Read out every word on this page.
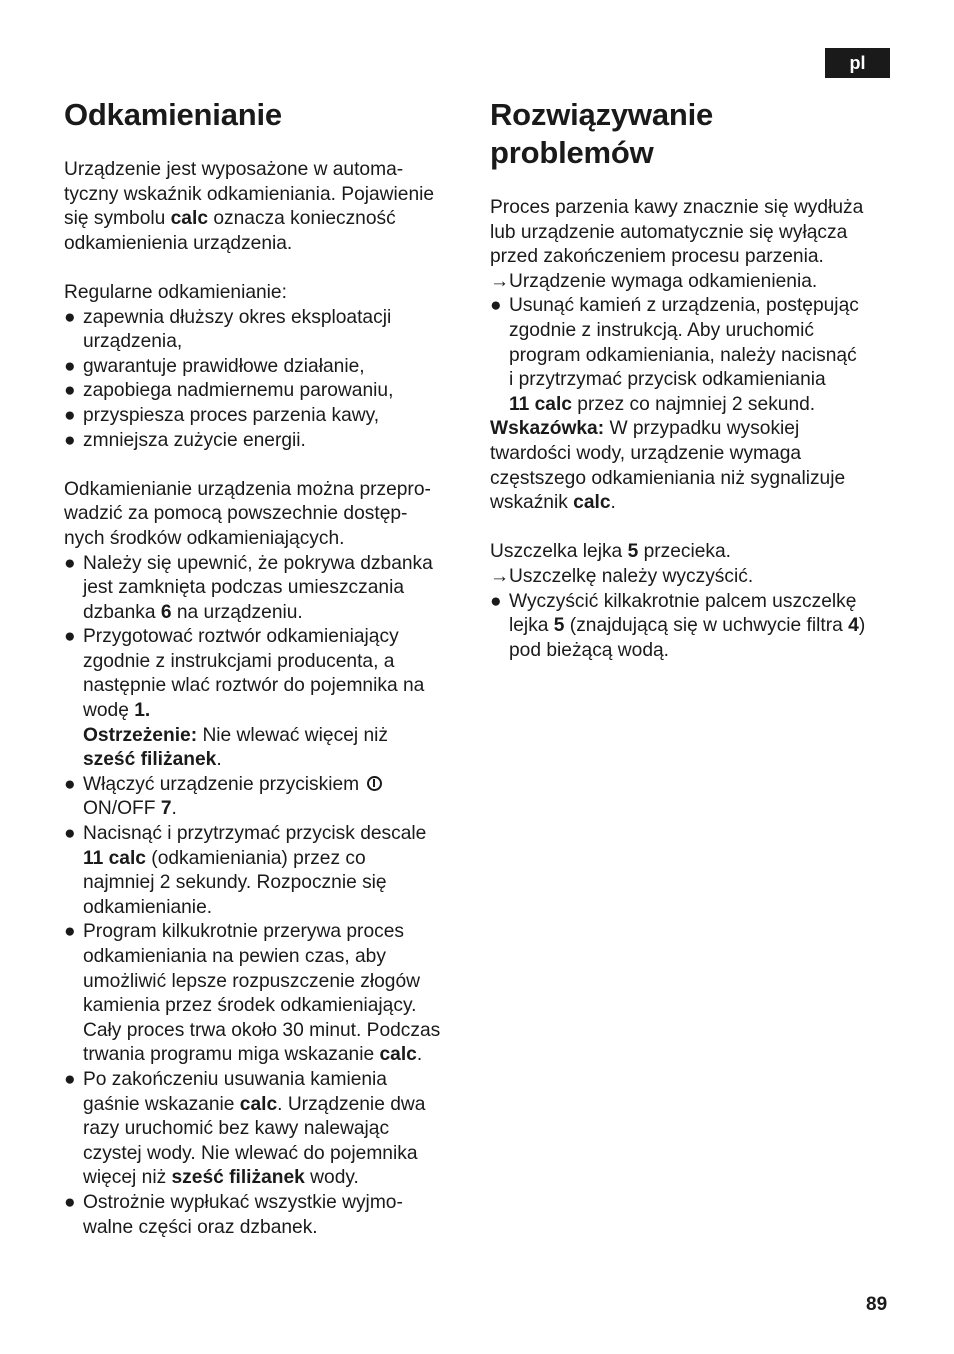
pl
Odkamienianie

Urządzenie jest wyposażone w automa-
tyczny wskaźnik odkamieniania. Pojawienie
się symbolu calc oznacza konieczność
odkamienienia urządzenia.

Regularne odkamienianie:

● zapewnia dłuższy okres eksploatacji
urządzenia,
● gwarantuje prawidłowe działanie,
● zapobiega nadmiernemu parowaniu,
● przyspiesza proces parzenia kawy,
● zmniejsza zużycie energii.

Odkamienianie urządzenia można przepro-
wadzić za pomocą powszechnie dostęp-
nych środków odkamieniających.

● Należy się upewnić, że pokrywa dzbanka
jest zamknięta podczas umieszczania
dzbanka 6 na urządzeniu.
● Przygotować roztwór odkamieniający
zgodnie z instrukcjami producenta, a
następnie wlać roztwór do pojemnika na
wodę 1.
Ostrzeżenie: Nie wlewać więcej niż
sześć filiżanek.
● Włączyć urządzenie przyciskiem
ON/OFF 7.
● Nacisnąć i przytrzymać przycisk descale
11 calc (odkamieniania) przez co
najmniej 2 sekundy. Rozpocznie się
odkamienianie.
● Program kilkukrotnie przerywa proces
odkamieniania na pewien czas, aby
umożliwić lepsze rozpuszczenie złogów
kamienia przez środek odkamieniający.
Cały proces trwa około 30 minut. Podczas
trwania programu miga wskazanie calc.
● Po zakończeniu usuwania kamienia
gaśnie wskazanie calc. Urządzenie dwa
razy uruchomić bez kawy nalewając
czystej wody. Nie wlewać do pojemnika
więcej niż sześć filiżanek wody.
● Ostrożnie wypłukać wszystkie wyjmo-
walne części oraz dzbanek.
Rozwiązywanie
problemów

Proces parzenia kawy znacznie się wydłuża
lub urządzenie automatycznie się wyłącza
przed zakończeniem procesu parzenia.

→ Urządzenie wymaga odkamienienia.
● Usunąć kamień z urządzenia, postępując
zgodnie z instrukcją. Aby uruchomić
program odkamieniania, należy nacisnąć
i przytrzymać przycisk odkamieniania
11 calc przez co najmniej 2 sekund.

Wskazówka: W przypadku wysokiej
twardości wody, urządzenie wymaga
częstszego odkamieniania niż sygnalizuje
wskaźnik calc.

Uszczelka lejka 5 przecieka.

→ Uszczelkę należy wyczyścić.
● Wyczyścić kilkakrotnie palcem uszczelkę
lejka 5 (znajdującą się w uchwycie filtra 4)
pod bieżącą wodą.
89
